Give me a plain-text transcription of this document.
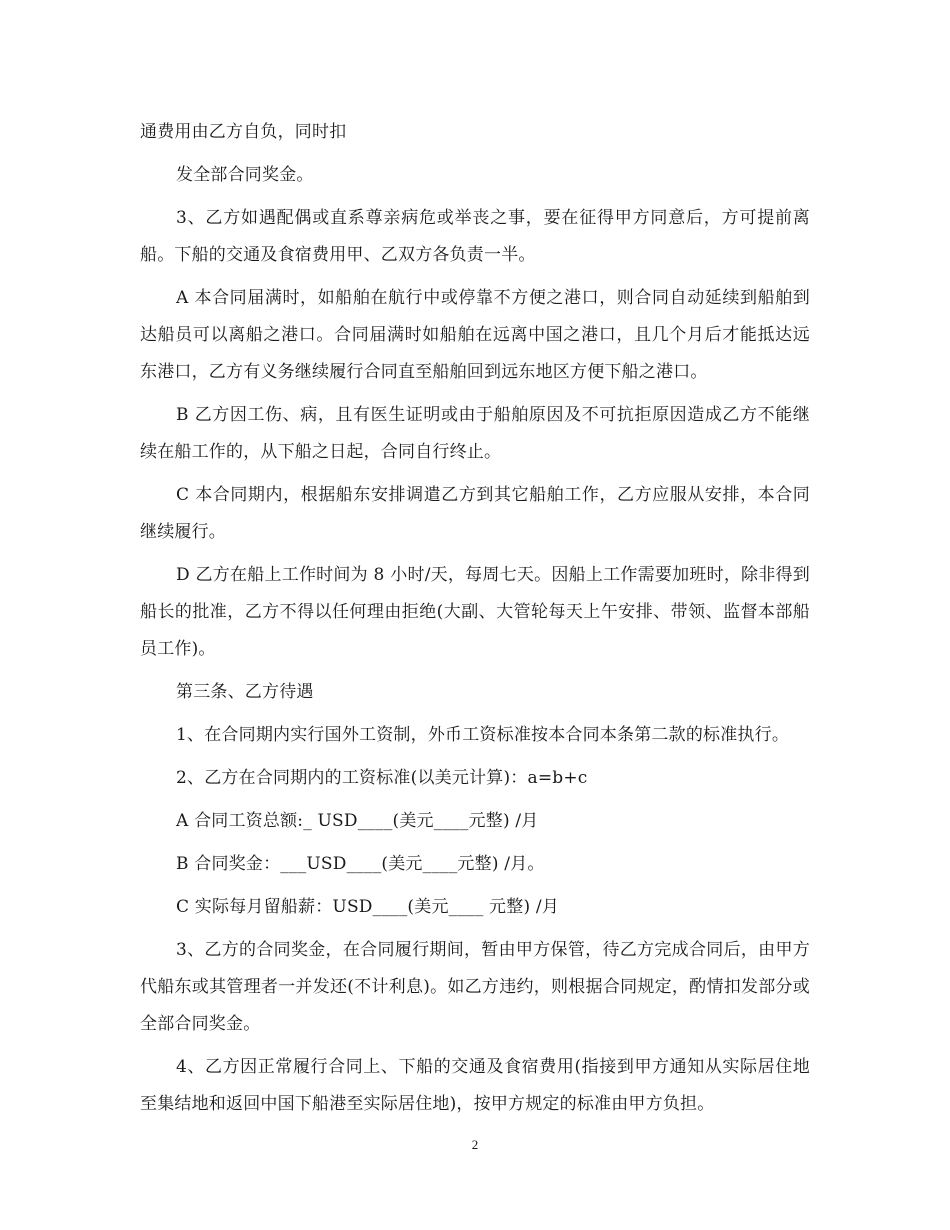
通费用由乙方自负，同时扣

发全部合同奖金。

3、乙方如遇配偶或直系尊亲病危或举丧之事，要在征得甲方同意后，方可提前离船。下船的交通及食宿费用甲、乙双方各负责一半。

A 本合同届满时，如船舶在航行中或停靠不方便之港口，则合同自动延续到船舶到达船员可以离船之港口。合同届满时如船舶在远离中国之港口，且几个月后才能抵达远东港口，乙方有义务继续履行合同直至船舶回到远东地区方便下船之港口。

B 乙方因工伤、病，且有医生证明或由于船舶原因及不可抗拒原因造成乙方不能继续在船工作的，从下船之日起，合同自行终止。

C 本合同期内，根据船东安排调遣乙方到其它船舶工作，乙方应服从安排，本合同继续履行。

D 乙方在船上工作时间为 8 小时/天，每周七天。因船上工作需要加班时，除非得到船长的批准，乙方不得以任何理由拒绝(大副、大管轮每天上午安排、带领、监督本部船员工作)。

第三条、乙方待遇

1、在合同期内实行国外工资制，外币工资标准按本合同本条第二款的标准执行。

2、乙方在合同期内的工资标准(以美元计算)：a=b+c

A 合同工资总额:_ USD____(美元____元整) /月

B 合同奖金：___USD____(美元____元整) /月。

C 实际每月留船薪：USD____(美元____ 元整) /月

3、乙方的合同奖金，在合同履行期间，暂由甲方保管，待乙方完成合同后，由甲方代船东或其管理者一并发还(不计利息)。如乙方违约，则根据合同规定，酌情扣发部分或全部合同奖金。

4、乙方因正常履行合同上、下船的交通及食宿费用(指接到甲方通知从实际居住地至集结地和返回中国下船港至实际居住地)，按甲方规定的标准由甲方负担。

2
